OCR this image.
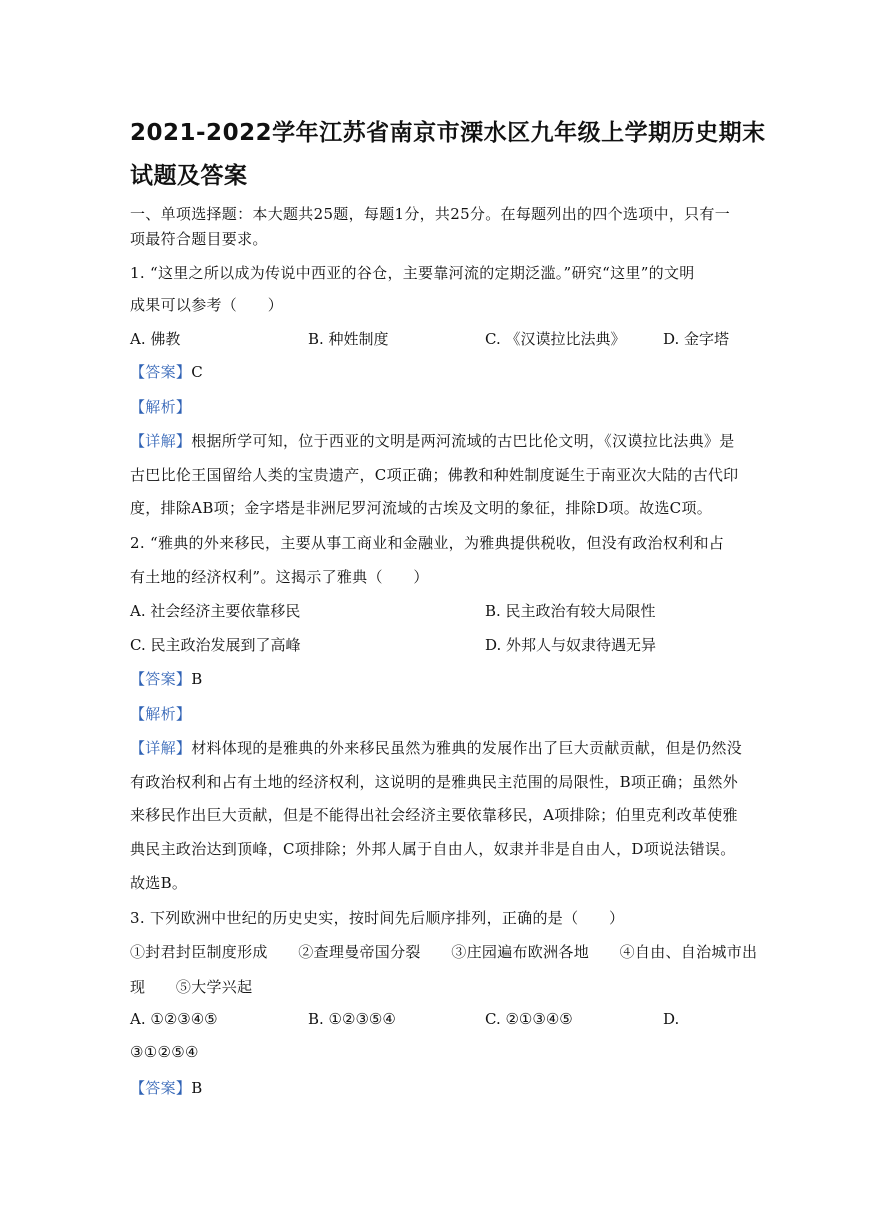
2021-2022学年江苏省南京市溧水区九年级上学期历史期末
试题及答案
一、单项选择题：本大题共25题，每题1分，共25分。在每题列出的四个选项中，只有一
项最符合题目要求。
1. “这里之所以成为传说中西亚的谷仓，主要靠河流的定期泛滥。”研究“这里”的文明
成果可以参考（　　）
A. 佛教	B. 种姓制度	C. 《汉谟拉比法典》	D. 金字塔
【答案】C
【解析】
【详解】根据所学可知，位于西亚的文明是两河流域的古巴比伦文明，《汉谟拉比法典》是
古巴比伦王国留给人类的宝贵遗产，C项正确；佛教和种姓制度诞生于南亚次大陆的古代印
度，排除AB项；金字塔是非洲尼罗河流域的古埃及文明的象征，排除D项。故选C项。
2. “雅典的外来移民，主要从事工商业和金融业，为雅典提供税收，但没有政治权利和占
有土地的经济权利”。这揭示了雅典（　　）
A. 社会经济主要依靠移民	B. 民主政治有较大局限性
C. 民主政治发展到了高峰	D. 外邦人与奴隶待遇无异
【答案】B
【解析】
【详解】材料体现的是雅典的外来移民虽然为雅典的发展作出了巨大贡献贡献，但是仍然没
有政治权利和占有土地的经济权利，这说明的是雅典民主范围的局限性，B项正确；虽然外
来移民作出巨大贡献，但是不能得出社会经济主要依靠移民，A项排除；伯里克利改革使雅
典民主政治达到顶峰，C项排除；外邦人属于自由人，奴隶并非是自由人，D项说法错误。
故选B。
3. 下列欧洲中世纪的历史史实，按时间先后顺序排列，正确的是（　　）
①封君封臣制度形成　　②查理曼帝国分裂　　③庄园遍布欧洲各地　　④自由、自治城市出
现　　⑤大学兴起
A. ①②③④⑤	B. ①②③⑤④	C. ②①③④⑤	D.
③①②⑤④
【答案】B
